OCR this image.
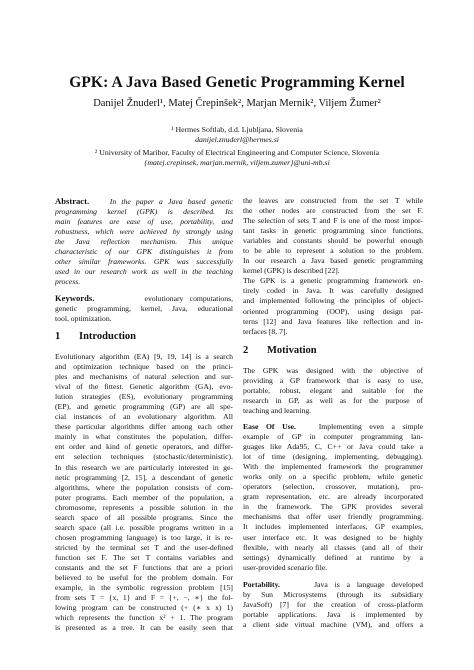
GPK: A Java Based Genetic Programming Kernel
Danijel Žnuderl¹, Matej Črepinšek², Marjan Mernik², Viljem Žumer²
¹ Hermes Softlab, d.d. Ljubljana, Slovenia
danijel.znuderl@hermes.si
² University of Maribor, Faculty of Electrical Engineering and Computer Science, Slovenia
{matej.crepinsek, marjan.mernik, viljem.zumer}@uni-mb.si
Abstract.	In the paper a Java based genetic
programming kernel (GPK) is described. Its
main features are ease of use, portability, and
robustness, which were achieved by strongly using
the Java reflection mechanism. This unique
characteristic of our GPK distinguishes it from
other similar frameworks. GPK was successfully
used in our research work as well in the teaching
process.
Keywords.	evolutionary computations,
genetic programming, kernel, Java, educational
tool, optimization.
1 Introduction
Evolutionary algorithm (EA) [9, 19, 14] is a search
and optimization technique based on the princi-
ples and mechanisms of natural selection and sur-
vival of the fittest. Genetic algorithm (GA), evo-
lution strategies (ES), evolutionary programming
(EP), and genetic programming (GP) are all spe-
cial instances of an evolutionary algorithm. All
these particular algorithms differ among each other
mainly in what constitutes the population, differ-
ent order and kind of genetic operators, and differ-
ent selection techniques (stochastic/deterministic).
In this research we are particularly interested in ge-
netic programming [2, 15], a descendant of genetic
algorithms, where the population consists of com-
puter programs. Each member of the population, a
chromosome, represents a possible solution in the
search space of all possible programs. Since the
search space (all i.e. possible programs written in a
chosen programming language) is too large, it is re-
stricted by the terminal set T and the user-defined
function set F. The set T contains variables and
constants and the set F functions that are a priori
believed to be useful for the problem domain. For
example, in the symbolic regression problem [15]
from sets T = {x, 1} and F = {+, −, ∗} the fol-
lowing program can be constructed (+ (∗ x x) 1)
which represents the function x² + 1. The program
is presented as a tree. It can be easily seen that
the leaves are constructed from the set T while
the other nodes are constructed from the set F.
The selection of sets T and F is one of the most impor-
tant tasks in genetic programming since functions,
variables and constants should be powerful enough
to be able to represent a solution to the problem.
In our research a Java based genetic programming
kernel (GPK) is described [22].
The GPK is a genetic programming framework en-
tirely coded in Java. It was carefully designed
and implemented following the principles of object-
oriented programming (OOP), using design pat-
terns [12] and Java features like reflection and in-
terfaces [8, 7].
2 Motivation
The GPK was designed with the objective of
providing a GP framework that is easy to use,
portable, robust, elegant and suitable for the
research in GP, as well as for the purpose of
teaching and learning.
Ease Of Use.	Implementing even a simple
example of GP in computer programming lan-
guages like Ada95, C, C++ or Java could take a
lot of time (designing, implementing, debugging).
With the implemented framework the programmer
works only on a specific problem, while genetic
operators (selection, crossover, mutation), pro-
gram representation, etc. are already incorporated
in the framework. The GPK provides several
mechanisms that offer user friendly programming.
It includes implemented interfaces, GP examples,
user interface etc. It was designed to be highly
flexible, with nearly all classes (and all of their
settings) dynamically defined at runtime by a
user-provided scenario file.
Portability.	Java is a language developed
by Sun Microsystems (through its subsidiary
JavaSoft) [7] for the creation of cross-platform
portable applications. Java is implemented by
a client side virtual machine (VM), and offers a
